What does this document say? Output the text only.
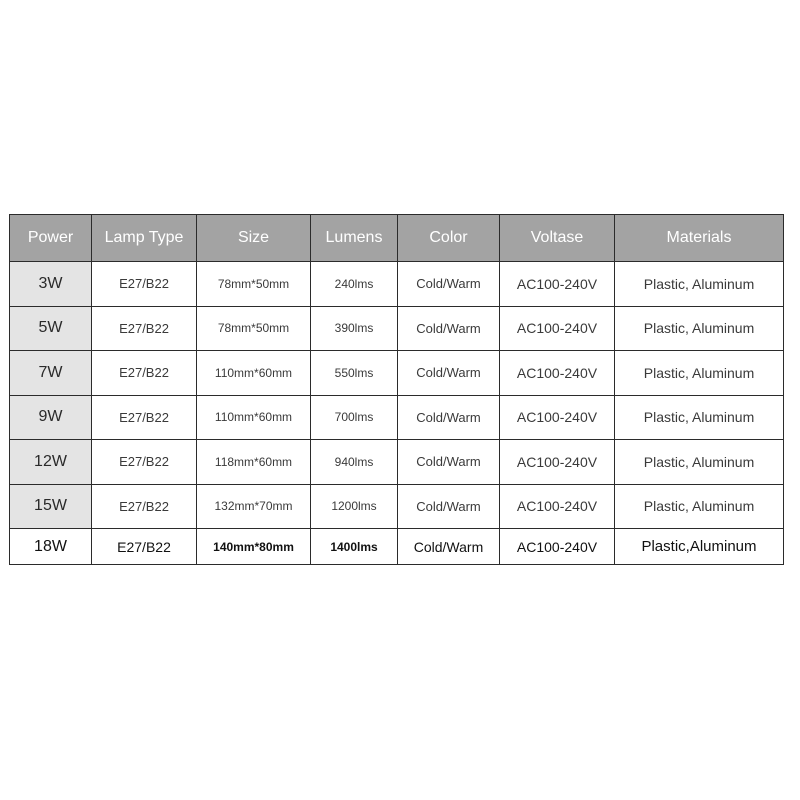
Power	Lamp Type	Size	Lumens	Color	Voltase	Materials
3W	E27/B22	78mm*50mm	240lms	Cold/Warm	AC100-240V	Plastic, Aluminum
5W	E27/B22	78mm*50mm	390lms	Cold/Warm	AC100-240V	Plastic, Aluminum
7W	E27/B22	110mm*60mm	550lms	Cold/Warm	AC100-240V	Plastic, Aluminum
9W	E27/B22	110mm*60mm	700lms	Cold/Warm	AC100-240V	Plastic, Aluminum
12W	E27/B22	118mm*60mm	940lms	Cold/Warm	AC100-240V	Plastic, Aluminum
15W	E27/B22	132mm*70mm	1200lms	Cold/Warm	AC100-240V	Plastic, Aluminum
18W	E27/B22	140mm*80mm	1400lms	Cold/Warm	AC100-240V	Plastic,Aluminum
